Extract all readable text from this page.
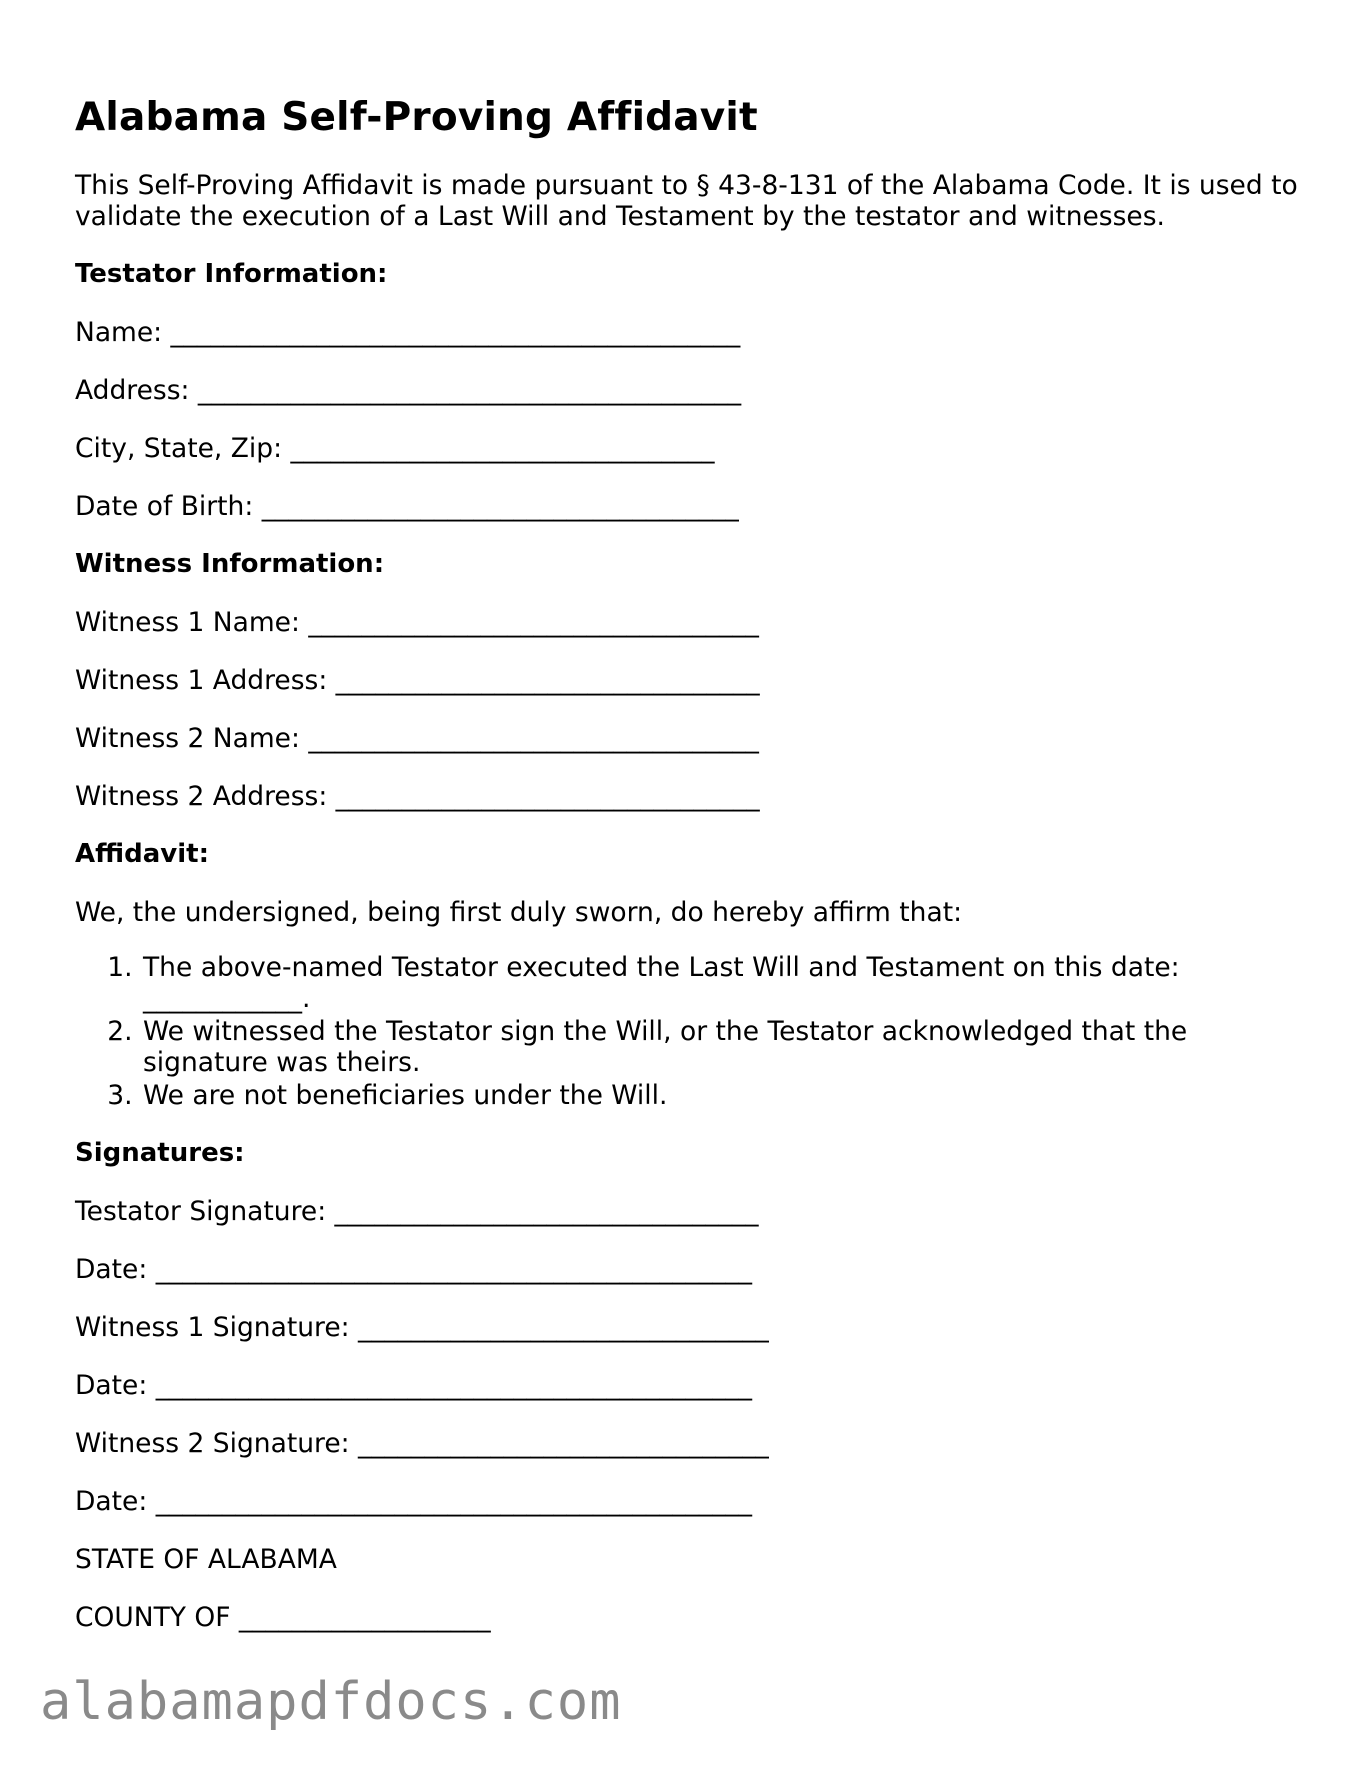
Alabama Self-Proving Affidavit

This Self-Proving Affidavit is made pursuant to § 43-8-131 of the Alabama Code. It is used to validate the execution of a Last Will and Testament by the testator and witnesses.

Testator Information:

Name: ___________________________________________

Address: _________________________________________

City, State, Zip: ________________________________

Date of Birth: ____________________________________

Witness Information:

Witness 1 Name: __________________________________

Witness 1 Address: ________________________________

Witness 2 Name: __________________________________

Witness 2 Address: ________________________________

Affidavit:

We, the undersigned, being first duly sworn, do hereby affirm that:

1. The above-named Testator executed the Last Will and Testament on this date: ____________.
2. We witnessed the Testator sign the Will, or the Testator acknowledged that the signature was theirs.
3. We are not beneficiaries under the Will.

Signatures:

Testator Signature: ________________________________

Date: _____________________________________________

Witness 1 Signature: _______________________________

Date: _____________________________________________

Witness 2 Signature: _______________________________

Date: _____________________________________________

STATE OF ALABAMA

COUNTY OF ___________________

alabamapdfdocs.com
